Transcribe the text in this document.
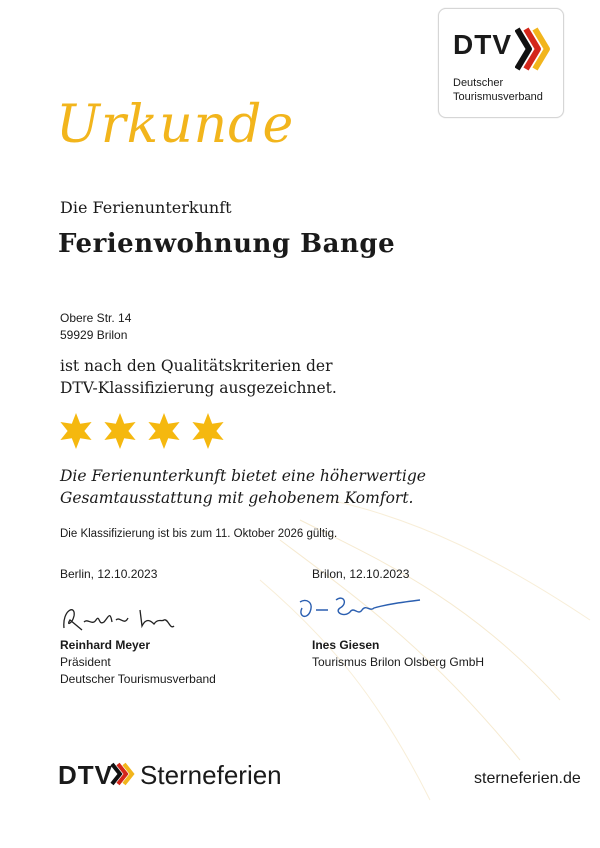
DTV
Deutscher
Tourismusverband
Urkunde
Die Ferienunterkunft
Ferienwohnung Bange
Obere Str. 14
59929 Brilon
ist nach den Qualitätskriterien der
DTV-Klassifizierung ausgezeichnet.
Die Ferienunterkunft bietet eine höherwertige
Gesamtausstattung mit gehobenem Komfort.
Die Klassifizierung ist bis zum 11. Oktober 2026 gültig.
Berlin, 12.10.2023
Reinhard Meyer
Präsident
Deutscher Tourismusverband
Brilon, 12.10.2023
Ines Giesen
Tourismus Brilon Olsberg GmbH
DTV Sterneferien	sterneferien.de
